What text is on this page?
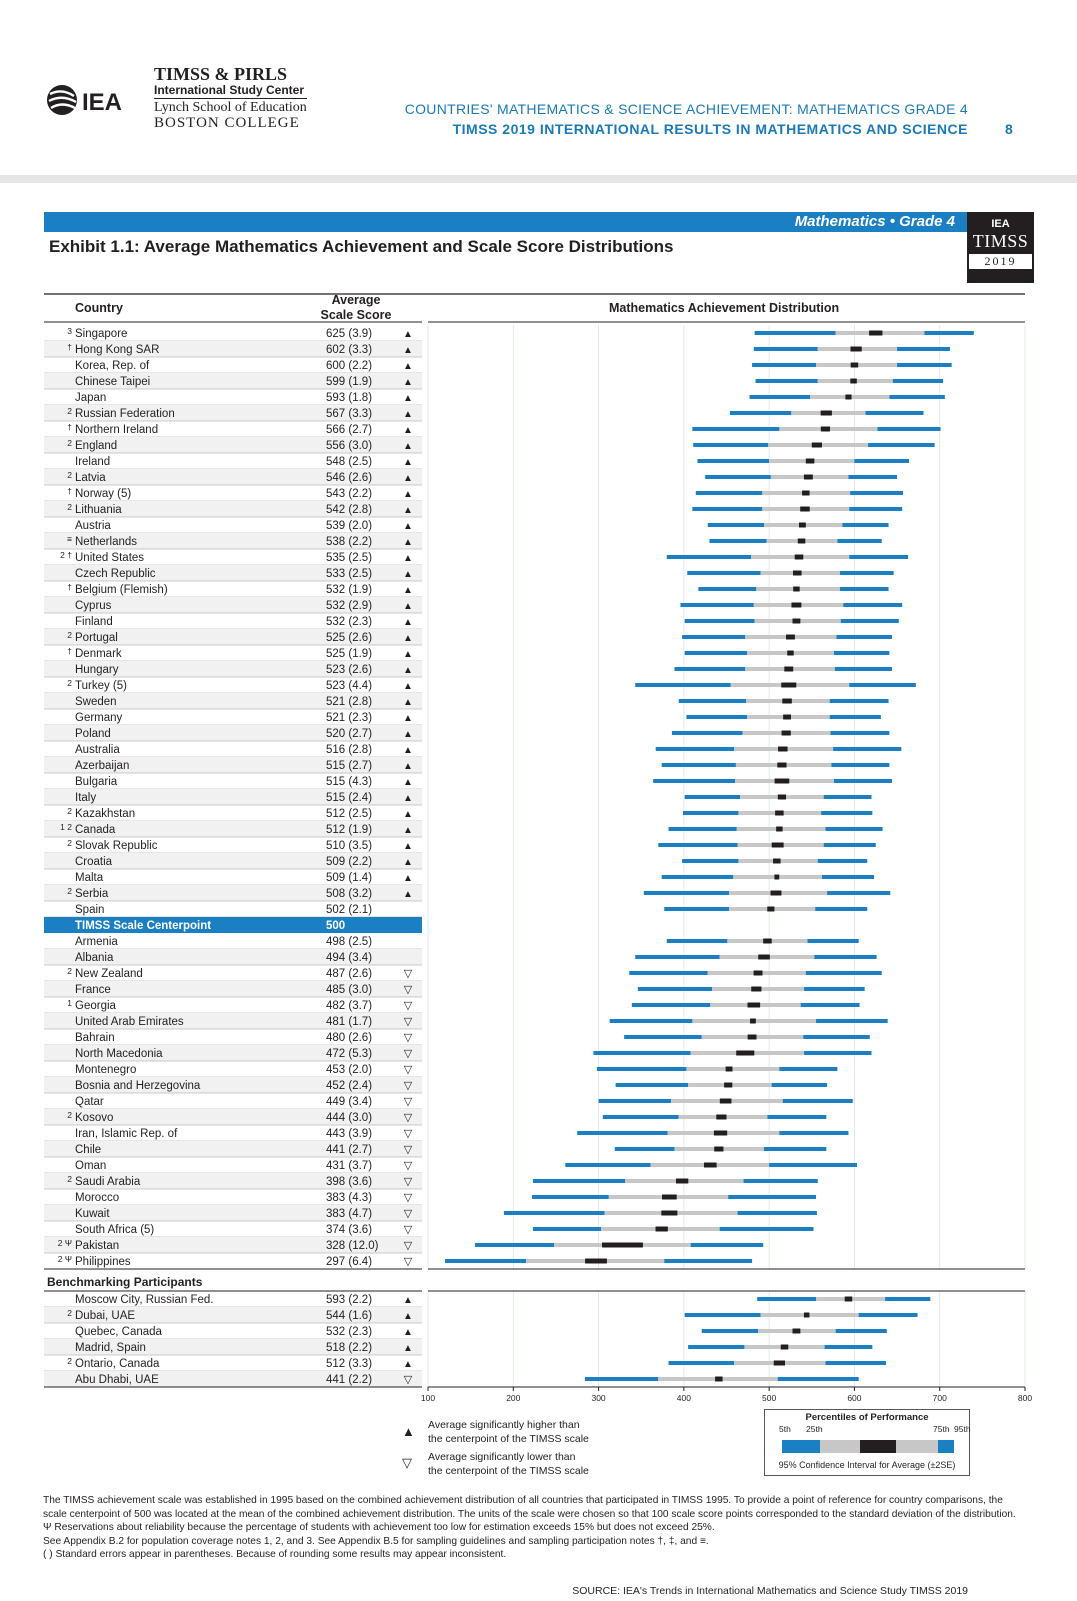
IEA
TIMSS & PIRLS
International Study Center
Lynch School of Education
BOSTON COLLEGE
COUNTRIES' MATHEMATICS & SCIENCE ACHIEVEMENT: MATHEMATICS GRADE 4
TIMSS 2019 INTERNATIONAL RESULTS IN MATHEMATICS AND SCIENCE	8
Mathematics • Grade 4	IEA
TIMSS
2019
Exhibit 1.1: Average Mathematics Achievement and Scale Score Distributions
Country
Average
Scale Score	Mathematics Achievement Distribution
3 Singapore	625 (3.9)	▲
† Hong Kong SAR	602 (3.3)	▲
Korea, Rep. of	600 (2.2)	▲
Chinese Taipei	599 (1.9)	▲
Japan	593 (1.8)	▲
2 Russian Federation	567 (3.3)	▲
† Northern Ireland	566 (2.7)	▲
2 England	556 (3.0)	▲
Ireland	548 (2.5)	▲
2 Latvia	546 (2.6)	▲
† Norway (5)	543 (2.2)	▲
2 Lithuania	542 (2.8)	▲
Austria	539 (2.0)	▲
≡ Netherlands	538 (2.2)	▲
2 † United States	535 (2.5)	▲
Czech Republic	533 (2.5)	▲
† Belgium (Flemish)	532 (1.9)	▲
Cyprus	532 (2.9)	▲
Finland	532 (2.3)	▲
2 Portugal	525 (2.6)	▲
† Denmark	525 (1.9)	▲
Hungary	523 (2.6)	▲
2 Turkey (5)	523 (4.4)	▲
Sweden	521 (2.8)	▲
Germany	521 (2.3)	▲
Poland	520 (2.7)	▲
Australia	516 (2.8)	▲
Azerbaijan	515 (2.7)	▲
Bulgaria	515 (4.3)	▲
Italy	515 (2.4)	▲
2 Kazakhstan	512 (2.5)	▲
1 2 Canada	512 (1.9)	▲
2 Slovak Republic	510 (3.5)	▲
Croatia	509 (2.2)	▲
Malta	509 (1.4)	▲
2 Serbia	508 (3.2)	▲
Spain	502 (2.1)
TIMSS Scale Centerpoint	500
Armenia	498 (2.5)
Albania	494 (3.4)
2 New Zealand	487 (2.6)	▽
France	485 (3.0)	▽
1 Georgia	482 (3.7)	▽
United Arab Emirates	481 (1.7)	▽
Bahrain	480 (2.6)	▽
North Macedonia	472 (5.3)	▽
Montenegro	453 (2.0)	▽
Bosnia and Herzegovina	452 (2.4)	▽
Qatar	449 (3.4)	▽
2 Kosovo	444 (3.0)	▽
Iran, Islamic Rep. of	443 (3.9)	▽
Chile	441 (2.7)	▽
Oman	431 (3.7)	▽
2 Saudi Arabia	398 (3.6)	▽
Morocco	383 (4.3)	▽
Kuwait	383 (4.7)	▽
South Africa (5)	374 (3.6)	▽
2 Ψ Pakistan	328 (12.0) ▽
2 Ψ Philippines	297 (6.4)	▽
Benchmarking Participants
Moscow City, Russian Fed.	593 (2.2)	▲
2 Dubai, UAE	544 (1.6)	▲
Quebec, Canada	532 (2.3)	▲
Madrid, Spain	518 (2.2)	▲
2 Ontario, Canada	512 (3.3)	▲
Abu Dhabi, UAE	441 (2.2)	▽
100	200	300	400	500	600	700	800
▲ Average significantly higher than
the centerpoint of the TIMSS scale
▽ Average significantly lower than
the centerpoint of the TIMSS scale
Percentiles of Performance
5th 25th	75th 95th
95% Confidence Interval for Average (±2SE)

The TIMSS achievement scale was established in 1995 based on the combined achievement distribution of all countries that participated in TIMSS 1995. To provide a point of reference for country comparisons, the scale centerpoint of 500 was located at the mean of the combined achievement distribution. The units of the scale were chosen so that 100 scale score points corresponded to the standard deviation of the distribution.

Ψ Reservations about reliability because the percentage of students with achievement too low for estimation exceeds 15% but does not exceed 25%.

See Appendix B.2 for population coverage notes 1, 2, and 3. See Appendix B.5 for sampling guidelines and sampling participation notes †, ‡, and ≡.

( ) Standard errors appear in parentheses. Because of rounding some results may appear inconsistent.

SOURCE: IEA's Trends in International Mathematics and Science Study TIMSS 2019
